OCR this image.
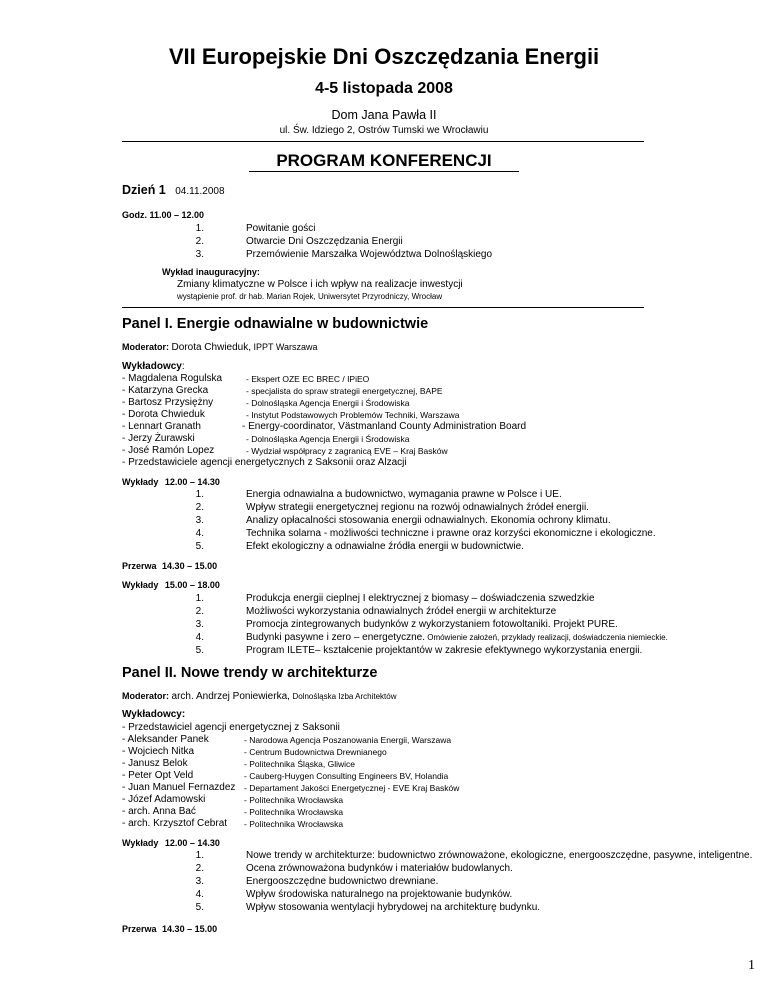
VII Europejskie Dni Oszczędzania Energii
4-5 listopada 2008
Dom Jana Pawła II
ul. Św. Idziego 2, Ostrów Tumski we Wrocławiu
PROGRAM KONFERENCJI
Dzień 1 04.11.2008
Godz. 11.00 – 12.00
1.	Powitanie gości
2.	Otwarcie Dni Oszczędzania Energii
3.	Przemówienie Marszałka Województwa Dolnośląskiego
Wykład inauguracyjny:
Zmiany klimatyczne w Polsce i ich wpływ na realizacje inwestycji
wystąpienie prof. dr hab. Marian Rojek, Uniwersytet Przyrodniczy, Wrocław
Panel I. Energie odnawialne w budownictwie
Moderator: Dorota Chwieduk, IPPT Warszawa
Wykładowcy:
- Magdalena Rogulska	- Ekspert OZE EC BREC / IPiEO
- Katarzyna Grecka	- specjalista do spraw strategii energetycznej, BAPE
- Bartosz Przysiężny	- Dolnośląska Agencja Energii i Środowiska
- Dorota Chwieduk	- Instytut Podstawowych Problemów Techniki, Warszawa
- Lennart Granath	- Energy-coordinator, Västmanland County Administration Board
- Jerzy Żurawski	- Dolnośląska Agencja Energii i Środowiska
- José Ramón Lopez	- Wydział współpracy z zagranicą EVE – Kraj Basków
- Przedstawiciele agencji energetycznych z Saksonii oraz Alzacji
Wykłady 12.00 – 14.30
1.	Energia odnawialna a budownictwo, wymagania prawne w Polsce i UE.
2.	Wpływ strategii energetycznej regionu na rozwój odnawialnych źródeł energii.
3.	Analizy opłacalności stosowania energii odnawialnych. Ekonomia ochrony klimatu.
4.	Technika solarna - możliwości techniczne i prawne oraz korzyści ekonomiczne i ekologiczne.
5.	Efekt ekologiczny a odnawialne źródła energii w budownictwie.
Przerwa 14.30 – 15.00
Wykłady 15.00 – 18.00
1.	Produkcja energii cieplnej I elektrycznej z biomasy – doświadczenia szwedzkie
2.	Możliwości wykorzystania odnawialnych źródeł energii w architekturze
3.	Promocja zintegrowanych budynków z wykorzystaniem fotowoltaniki. Projekt PURE.
4.	Budynki pasywne i zero – energetyczne. Omówienie założeń, przykłady realizacji, doświadczenia niemieckie.
5.	Program ILETE– kształcenie projektantów w zakresie efektywnego wykorzystania energii.
Panel II. Nowe trendy w architekturze
Moderator: arch. Andrzej Poniewierka, Dolnośląska Izba Architektów
Wykładowcy:
- Przedstawiciel agencji energetycznej z Saksonii
- Aleksander Panek	- Narodowa Agencja Poszanowania Energii, Warszawa
- Wojciech Nitka	- Centrum Budownictwa Drewnianego
- Janusz Belok	- Politechnika Śląska, Gliwice
- Peter Opt Veld	- Cauberg-Huygen Consulting Engineers BV, Holandia
- Juan Manuel Fernazdez - Departament Jakości Energetycznej - EVE Kraj Basków
- Józef Adamowski	- Politechnika Wrocławska
- arch. Anna Bać	- Politechnika Wrocławska
- arch. Krzysztof Cebrat - Politechnika Wrocławska
Wykłady 12.00 – 14.30
1.	Nowe trendy w architekturze: budownictwo zrównoważone, ekologiczne, energooszczędne, pasywne, inteligentne.
2.	Ocena zrównoważona budynków i materiałów budowlanych.
3.	Energooszczędne budownictwo drewniane.
4.	Wpływ środowiska naturalnego na projektowanie budynków.
5.	Wpływ stosowania wentylacji hybrydowej na architekturę budynku.
Przerwa 14.30 – 15.00
1
